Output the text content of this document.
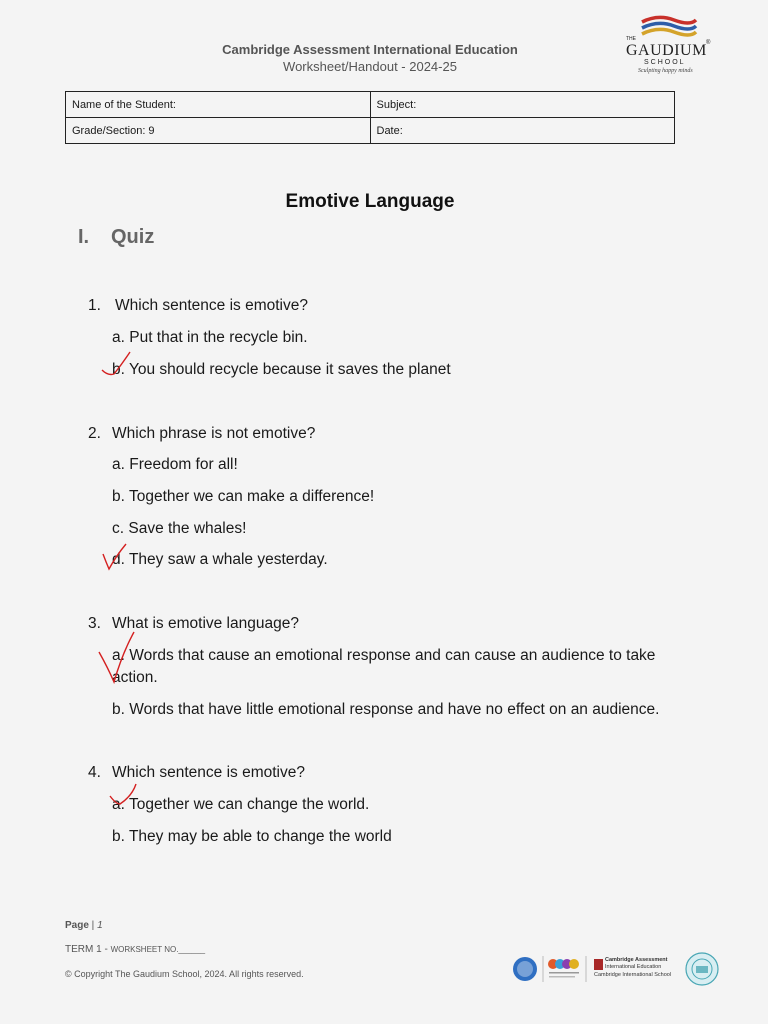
Cambridge Assessment International Education
Worksheet/Handout - 2024-25
THE
GAUDIUM ®
SCHOOL
Sculpting happy minds
Name of the Student:	Subject:
Grade/Section: 9	Date:
Emotive Language
I. Quiz
1. Which sentence is emotive?
a. Put that in the recycle bin.
b. You should recycle because it saves the planet
2. Which phrase is not emotive?
a. Freedom for all!
b. Together we can make a difference!
c. Save the whales!
d. They saw a whale yesterday.
3. What is emotive language?
a. Words that cause an emotional response and can cause an audience to take action.
b. Words that have little emotional response and have no effect on an audience.
4. Which sentence is emotive?
a. Together we can change the world.
b. They may be able to change the world
Page | 1
TERM 1 - WORKSHEET NO.______
© Copyright The Gaudium School, 2024. All rights reserved.
Cambridge Assessment
International Education
Cambridge International School
